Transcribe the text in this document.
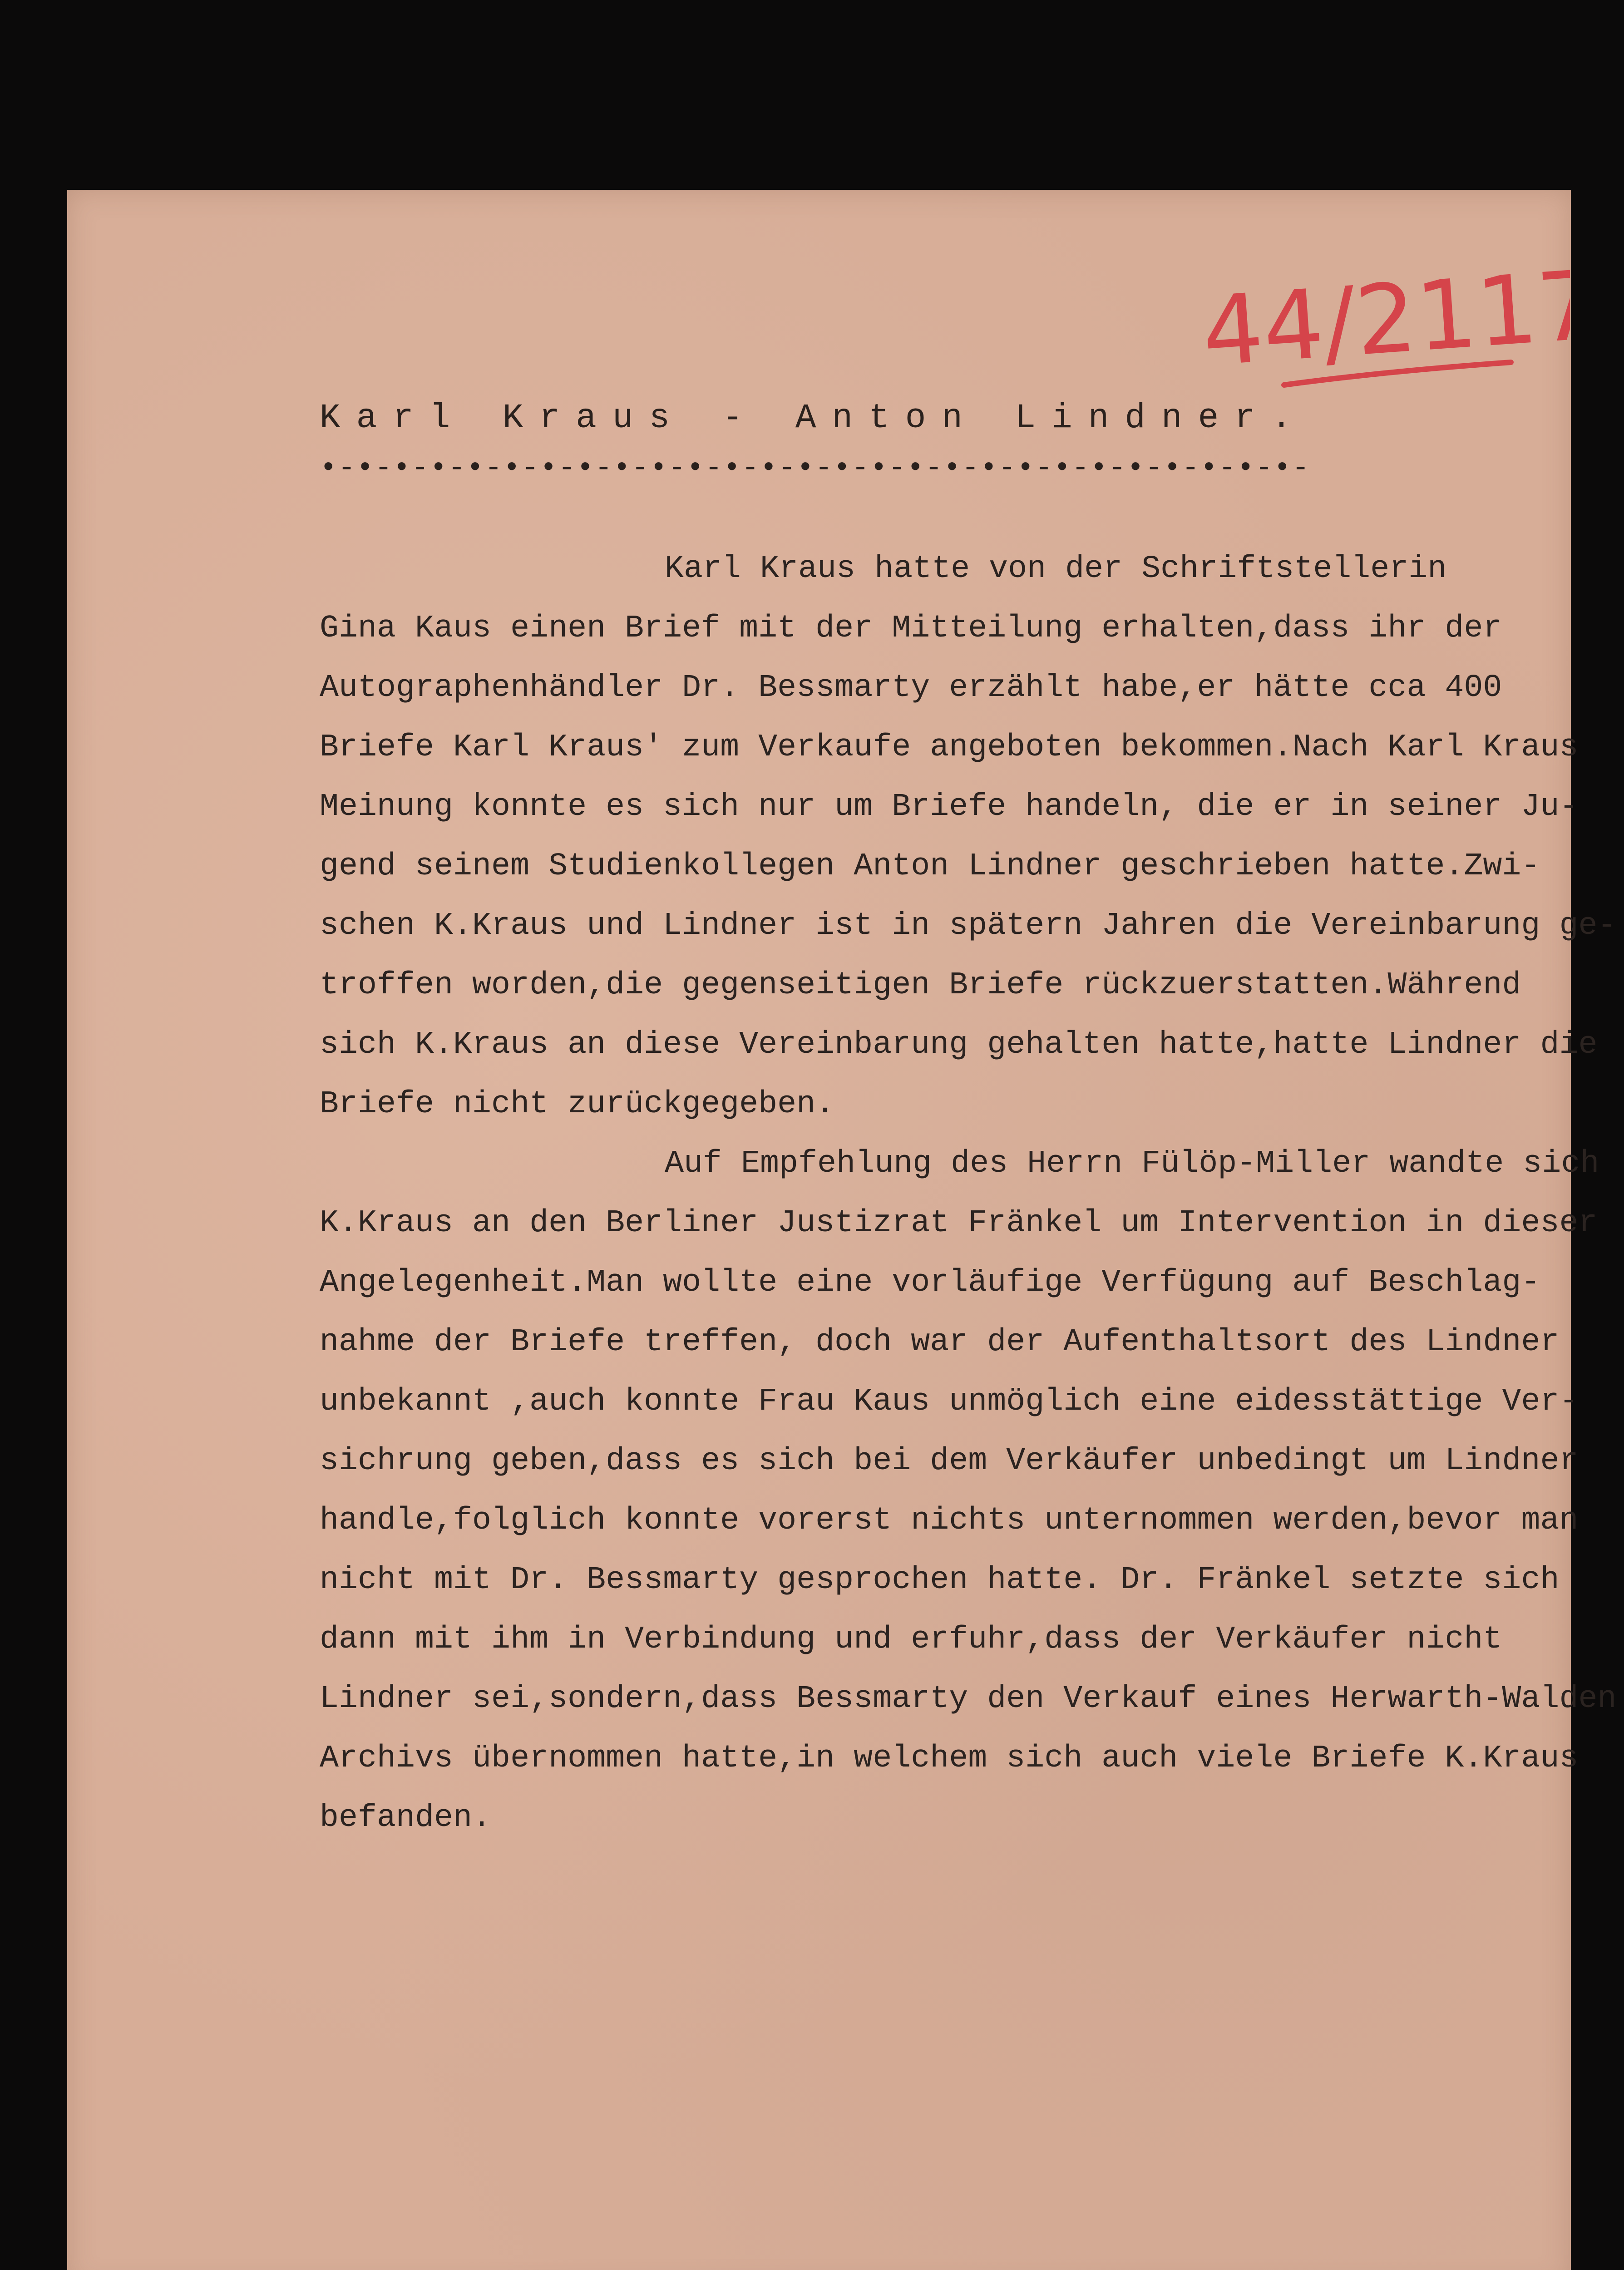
44/2117
Karl Kraus - Anton Lindner.
•-•-•-•-•-•-•-•-•-•-•-•-•-•-•-•-•-•-•-•-•-•-•-•-•-•-•-
Karl Kraus hatte von der Schriftstellerin
Gina Kaus einen Brief mit der Mitteilung erhalten,dass ihr der
Autographenhändler Dr. Bessmarty erzählt habe,er hätte cca 400
Briefe Karl Kraus' zum Verkaufe angeboten bekommen.Nach Karl Kraus
Meinung konnte es sich nur um Briefe handeln, die er in seiner Ju-
gend seinem Studienkollegen Anton Lindner geschrieben hatte.Zwi-
schen K.Kraus und Lindner ist in spätern Jahren die Vereinbarung ge-
troffen worden,die gegenseitigen Briefe rückzuerstatten.Während
sich K.Kraus an diese Vereinbarung gehalten hatte,hatte Lindner die
Briefe nicht zurückgegeben.
Auf Empfehlung des Herrn Fülöp-Miller wandte sich
K.Kraus an den Berliner Justizrat Fränkel um Intervention in dieser
Angelegenheit.Man wollte eine vorläufige Verfügung auf Beschlag-
nahme der Briefe treffen, doch war der Aufenthaltsort des Lindner
unbekannt ,auch konnte Frau Kaus unmöglich eine eidesstättige Ver-
sichrung geben,dass es sich bei dem Verkäufer unbedingt um Lindner
handle,folglich konnte vorerst nichts unternommen werden,bevor man
nicht mit Dr. Bessmarty gesprochen hatte. Dr. Fränkel setzte sich
dann mit ihm in Verbindung und erfuhr,dass der Verkäufer nicht
Lindner sei,sondern,dass Bessmarty den Verkauf eines Herwarth-Walden
Archivs übernommen hatte,in welchem sich auch viele Briefe K.Kraus
befanden.
